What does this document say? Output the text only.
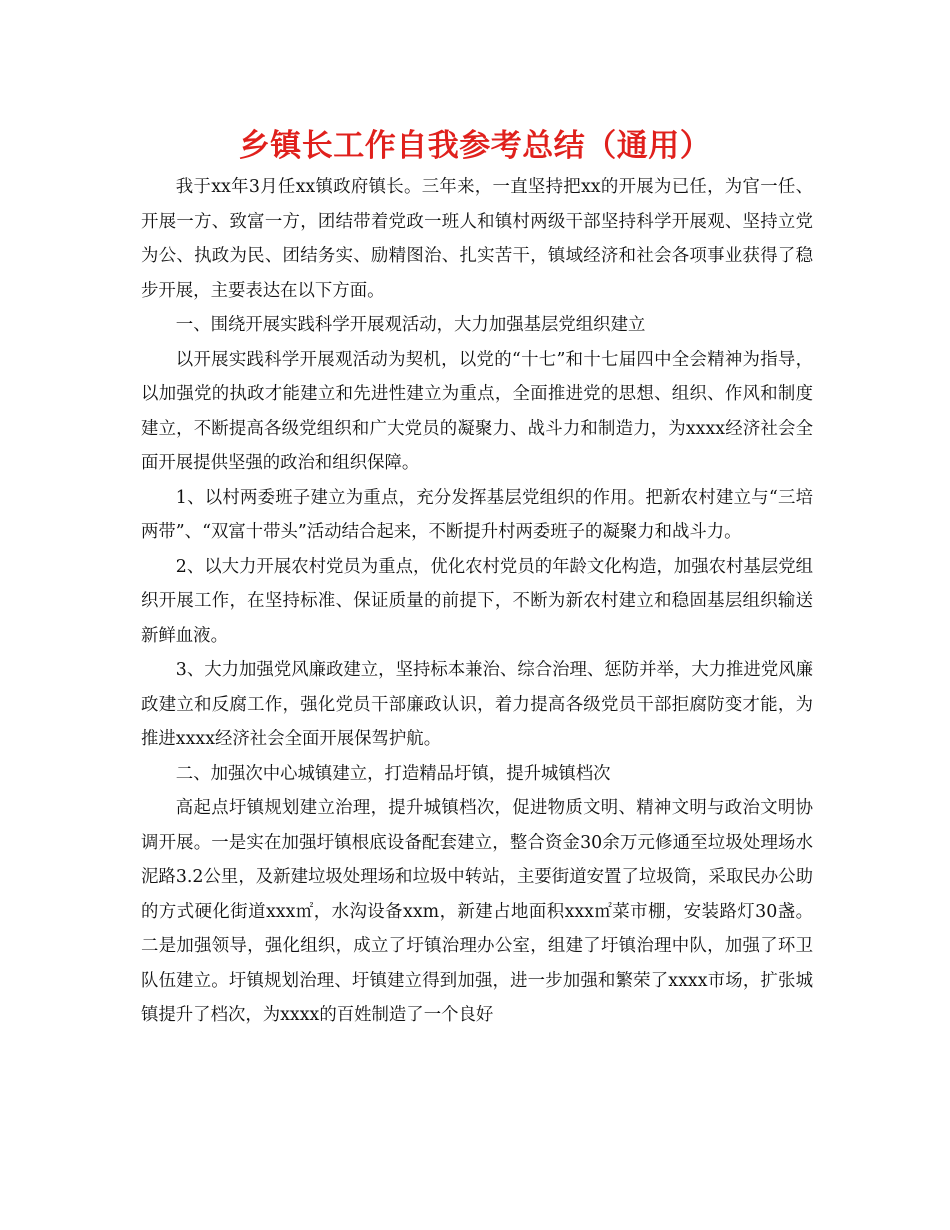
乡镇长工作自我参考总结（通用）

我于xx年3月任xx镇政府镇长。三年来，一直坚持把xx的开展为已任，为官一任、开展一方、致富一方，团结带着党政一班人和镇村两级干部坚持科学开展观、坚持立党为公、执政为民、团结务实、励精图治、扎实苦干，镇域经济和社会各项事业获得了稳步开展，主要表达在以下方面。

一、围绕开展实践科学开展观活动，大力加强基层党组织建立

以开展实践科学开展观活动为契机，以党的“十七”和十七届四中全会精神为指导，以加强党的执政才能建立和先进性建立为重点，全面推进党的思想、组织、作风和制度建立，不断提高各级党组织和广大党员的凝聚力、战斗力和制造力，为xxxx经济社会全面开展提供坚强的政治和组织保障。

1、以村两委班子建立为重点，充分发挥基层党组织的作用。把新农村建立与“三培两带”、“双富十带头”活动结合起来，不断提升村两委班子的凝聚力和战斗力。

2、以大力开展农村党员为重点，优化农村党员的年龄文化构造，加强农村基层党组织开展工作，在坚持标准、保证质量的前提下，不断为新农村建立和稳固基层组织输送新鲜血液。

3、大力加强党风廉政建立，坚持标本兼治、综合治理、惩防并举，大力推进党风廉政建立和反腐工作，强化党员干部廉政认识，着力提高各级党员干部拒腐防变才能，为推进xxxx经济社会全面开展保驾护航。

二、加强次中心城镇建立，打造精品圩镇，提升城镇档次

高起点圩镇规划建立治理，提升城镇档次，促进物质文明、精神文明与政治文明协调开展。一是实在加强圩镇根底设备配套建立，整合资金30余万元修通至垃圾处理场水泥路3.2公里，及新建垃圾处理场和垃圾中转站，主要街道安置了垃圾筒，采取民办公助的方式硬化街道xxx㎡，水沟设备xxm，新建占地面积xxx㎡菜市棚，安装路灯30盏。二是加强领导，强化组织，成立了圩镇治理办公室，组建了圩镇治理中队，加强了环卫队伍建立。圩镇规划治理、圩镇建立得到加强，进一步加强和繁荣了xxxx市场，扩张城镇提升了档次，为xxxx的百姓制造了一个良好
